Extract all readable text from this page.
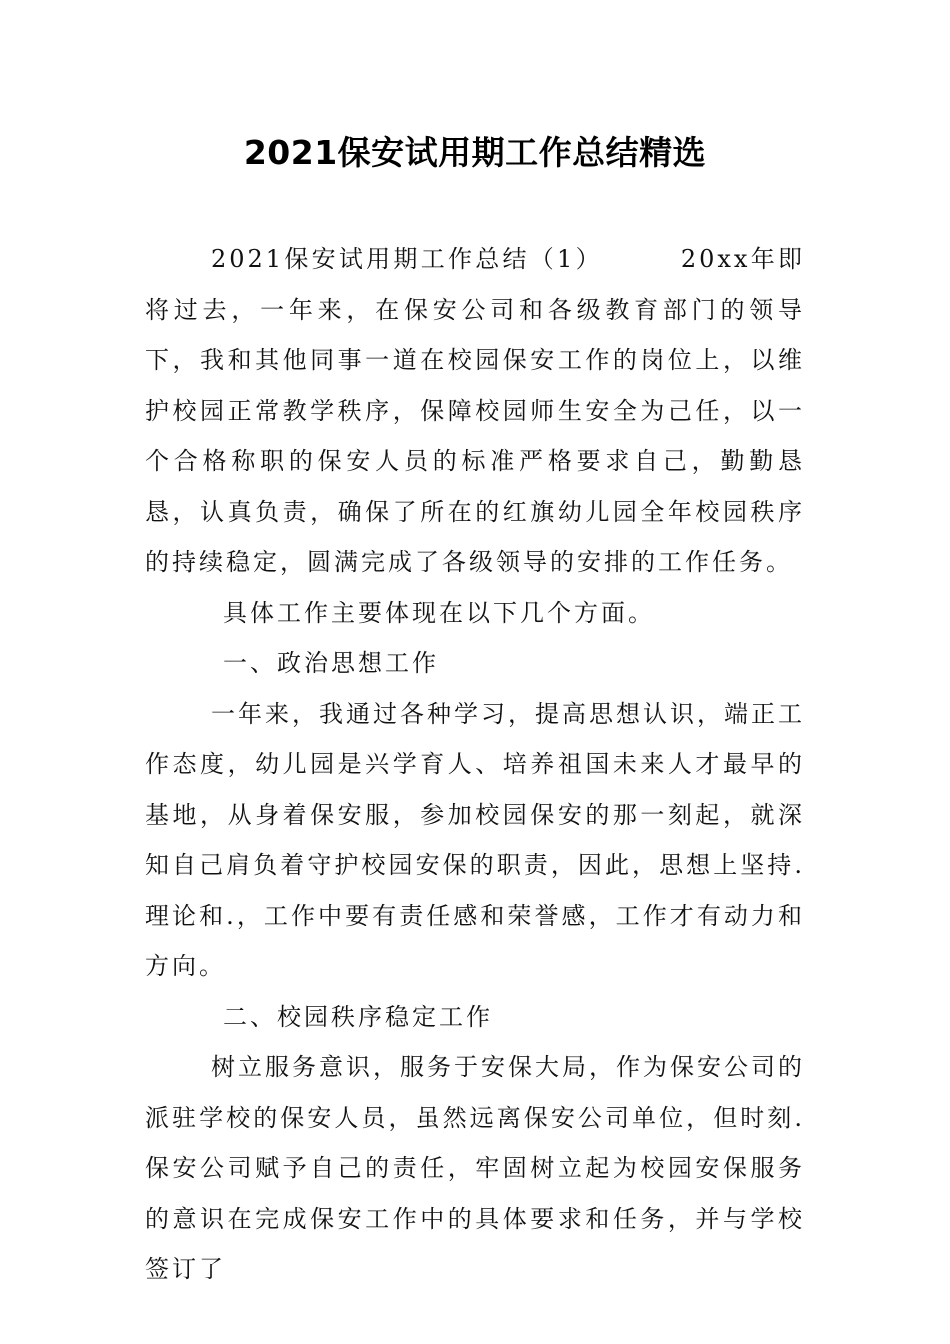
2021保安试用期工作总结精选

2021保安试用期工作总结（1）	20xx年即将过去，一年来，在保安公司和各级教育部门的领导下，我和其他同事一道在校园保安工作的岗位上，以维护校园正常教学秩序，保障校园师生安全为己任，以一个合格称职的保安人员的标准严格要求自己，勤勤恳恳，认真负责，确保了所在的红旗幼儿园全年校园秩序的持续稳定，圆满完成了各级领导的安排的工作任务。

具体工作主要体现在以下几个方面。

一、政治思想工作

一年来，我通过各种学习，提高思想认识，端正工作态度，幼儿园是兴学育人、培养祖国未来人才最早的基地，从身着保安服，参加校园保安的那一刻起，就深知自己肩负着守护校园安保的职责，因此，思想上坚持.理论和.，工作中要有责任感和荣誉感，工作才有动力和方向。

二、校园秩序稳定工作

树立服务意识，服务于安保大局，作为保安公司的派驻学校的保安人员，虽然远离保安公司单位，但时刻.保安公司赋予自己的责任，牢固树立起为校园安保服务的意识在完成保安工作中的具体要求和任务，并与学校签订了
